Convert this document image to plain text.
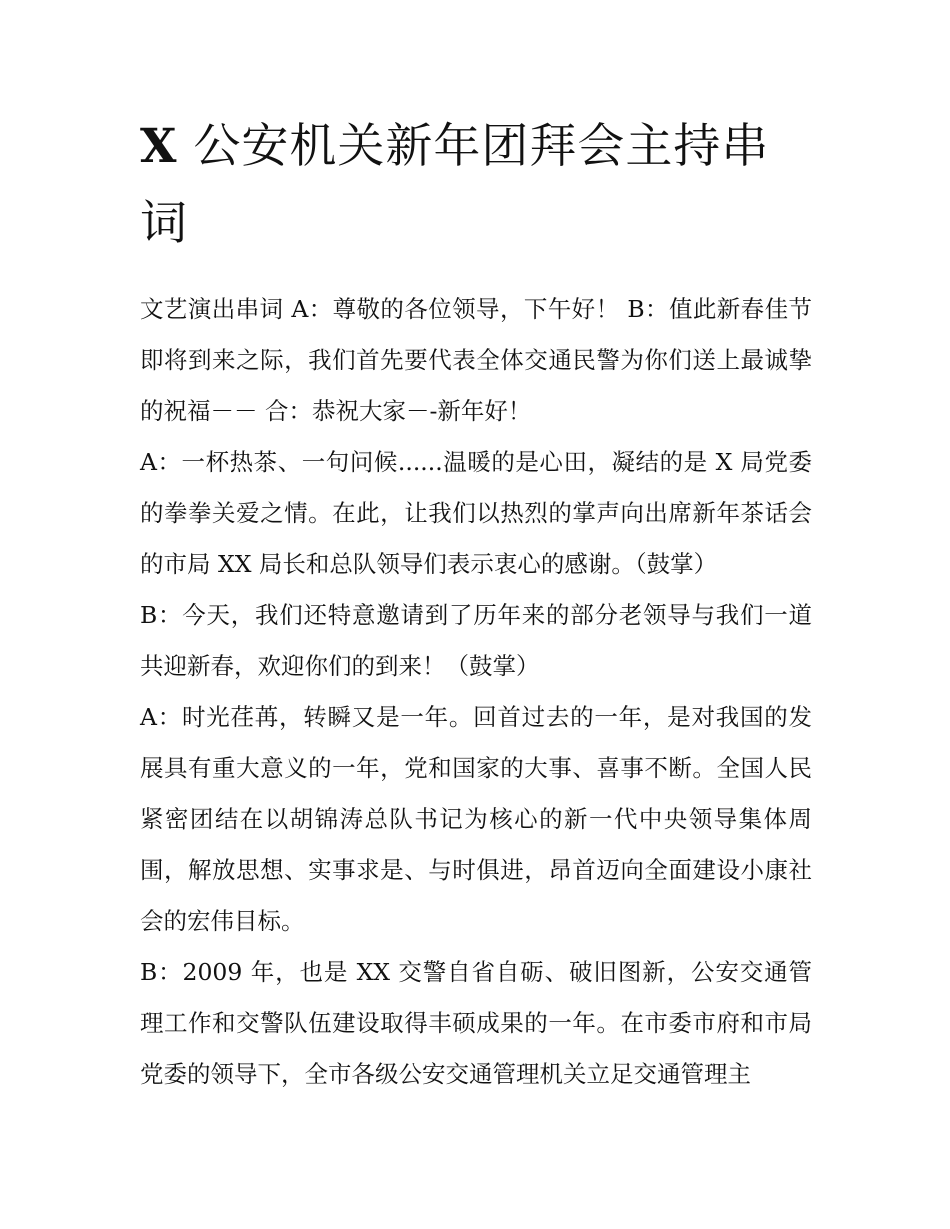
X 公安机关新年团拜会主持串词

文艺演出串词 A：尊敬的各位领导，下午好！ B：值此新春佳节即将到来之际，我们首先要代表全体交通民警为你们送上最诚挚的祝福－－ 合：恭祝大家－-新年好！

A：一杯热茶、一句问候......温暖的是心田，凝结的是 X 局党委的拳拳关爱之情。在此，让我们以热烈的掌声向出席新年茶话会的市局 XX 局长和总队领导们表示衷心的感谢。（鼓掌）

B：今天，我们还特意邀请到了历年来的部分老领导与我们一道共迎新春，欢迎你们的到来！（鼓掌）

A：时光荏苒，转瞬又是一年。回首过去的一年，是对我国的发展具有重大意义的一年，党和国家的大事、喜事不断。全国人民紧密团结在以胡锦涛总队书记为核心的新一代中央领导集体周围，解放思想、实事求是、与时俱进，昂首迈向全面建设小康社会的宏伟目标。

B：2009 年，也是 XX 交警自省自砺、破旧图新，公安交通管理工作和交警队伍建设取得丰硕成果的一年。在市委市府和市局党委的领导下，全市各级公安交通管理机关立足交通管理主
